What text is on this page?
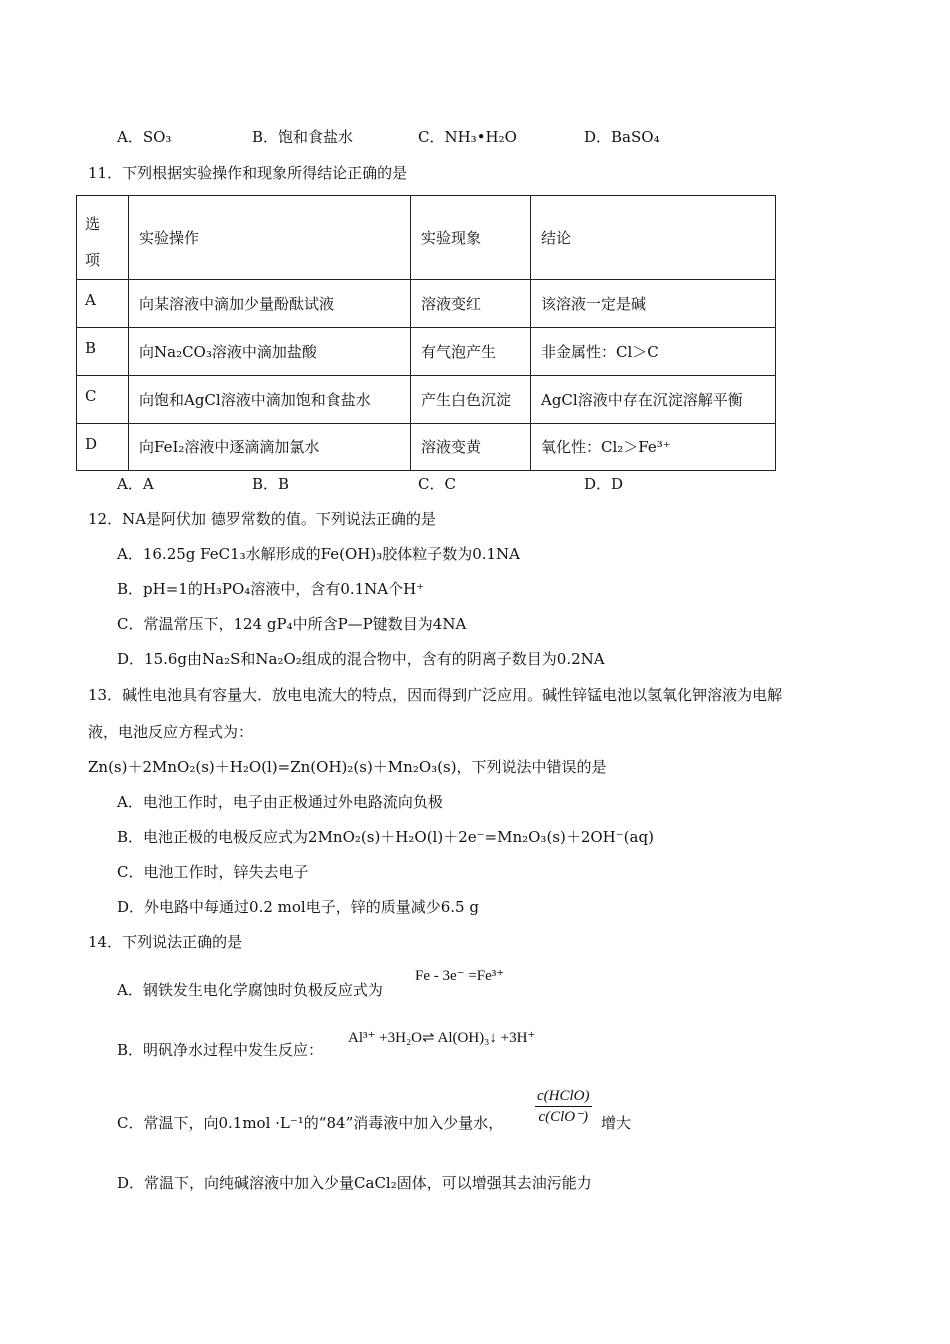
A．SO₃	B．饱和食盐水	C．NH₃•H₂O	D．BaSO₄
11．下列根据实验操作和现象所得结论正确的是
选
项	实验操作	实验现象	结论
A	向某溶液中滴加少量酚酞试液	溶液变红	该溶液一定是碱
B	向Na₂CO₃溶液中滴加盐酸	有气泡产生	非金属性：Cl＞C
C	向饱和AgCl溶液中滴加饱和食盐水	产生白色沉淀	AgCl溶液中存在沉淀溶解平衡
D	向FeI₂溶液中逐滴滴加氯水	溶液变黄	氧化性：Cl₂＞Fe³⁺
A．A	B．B	C．C	D．D
12．NA是阿伏加 德罗常数的值。下列说法正确的是
A．16.25g FeC1₃水解形成的Fe(OH)₃胶体粒子数为0.1NA
B．pH=1的H₃PO₄溶液中，含有0.1NA个H⁺
C．常温常压下，124 gP₄中所含P—P键数目为4NA
D．15.6g由Na₂S和Na₂O₂组成的混合物中，含有的阴离子数目为0.2NA
13．碱性电池具有容量大．放电电流大的特点，因而得到广泛应用。碱性锌锰电池以氢氧化钾溶液为电解
液，电池反应方程式为：
Zn(s)＋2MnO₂(s)＋H₂O(l)=Zn(OH)₂(s)＋Mn₂O₃(s)，下列说法中错误的是
A．电池工作时，电子由正极通过外电路流向负极
B．电池正极的电极反应式为2MnO₂(s)＋H₂O(l)＋2e⁻=Mn₂O₃(s)＋2OH⁻(aq)
C．电池工作时，锌失去电子
D．外电路中每通过0.2 mol电子，锌的质量减少6.5 g
14．下列说法正确的是
A．钢铁发生电化学腐蚀时负极反应式为
Fe - 3e⁻ =Fe³⁺
B．明矾净水过程中发生反应：
Al³⁺ +3H₂O⇌ Al(OH)₃↓ +3H⁺
C．常温下，向0.1mol ·L⁻¹的“84”消毒液中加入少量水，
c(HClO)
c(ClO⁻) 增大
D．常温下，向纯碱溶液中加入少量CaCl₂固体，可以增强其去油污能力
